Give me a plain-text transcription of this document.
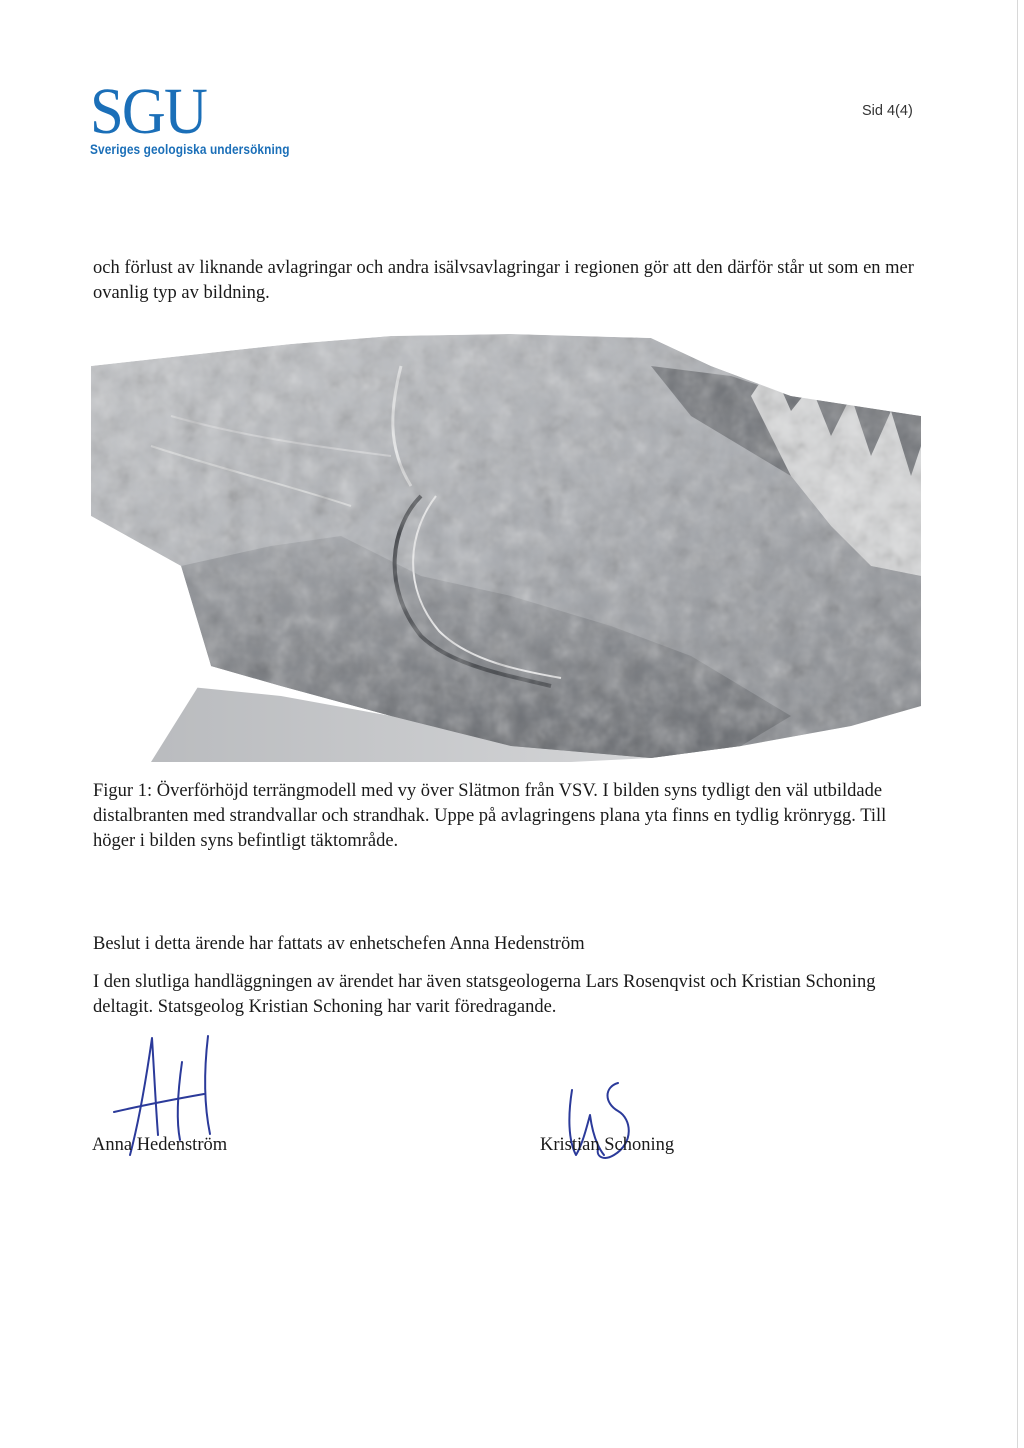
SGU
Sveriges geologiska undersökning
Sid 4(4)

och förlust av liknande avlagringar och andra isälvsavlagringar i regionen gör att den därför står ut som en mer ovanlig typ av bildning.

Figur 1: Överförhöjd terrängmodell med vy över Slätmon från VSV. I bilden syns tydligt den väl utbildade distalbranten med strandvallar och strandhak. Uppe på avlagringens plana yta finns en tydlig krönrygg. Till höger i bilden syns befintligt täktområde.

Beslut i detta ärende har fattats av enhetschefen Anna Hedenström

I den slutliga handläggningen av ärendet har även statsgeologerna Lars Rosenqvist och Kristian Schoning deltagit. Statsgeolog Kristian Schoning har varit föredragande.

Anna Hedenström	Kristian Schoning
